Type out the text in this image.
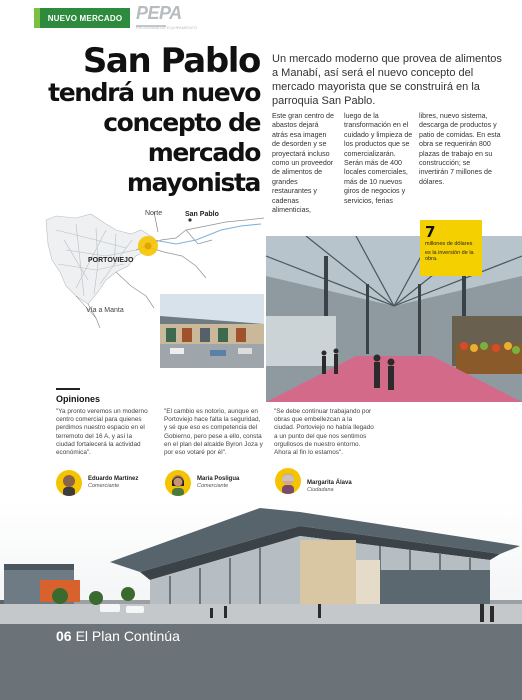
NUEVO MERCADO PEPA
PROGRAMA DE EQUIPAMIENTO
San Pablo
tendrá un nuevo
concepto de
mercado
mayonista
Un mercado moderno que provea de alimentos a Manabí, así será el nuevo concepto del mercado mayorista que se construirá en la parroquia San Pablo.
Este gran centro de abastos dejará atrás esa imagen de desorden y se proyectará incluso como un proveedor de alimentos de grandes restaurantes y cadenas alimenticias,
luego de la transformación en el cuidado y limpieza de los productos que se comercializarán. Serán más de 400 locales comerciales, más de 10 nuevos giros de negocios y servicios, ferias
libres, nuevo sistema, descarga de productos y patio de comidas. En esta obra se requerirán 800 plazas de trabajo en su construcción; se invertirán 7 millones de dólares.
Norte	San Pablo
PORTOVIEJO
Vía a Manta
7
millones de dólares
es la inversión de la obra.
Opiniones
"Ya pronto veremos un moderno centro comercial para quienes perdimos nuestro espacio en el terremoto del 16 A, y así la ciudad fortalecerá la actividad económica".
"El cambio es notorio, aunque en Portoviejo hace falta la seguridad, y sé que eso es competencia del Gobierno, pero pese a ello, consta en el plan del alcalde Byron Joza y por eso votaré por él".
"Se debe continuar trabajando por obras que embellezcan a la ciudad. Portoviejo no había llegado a un punto del que nos sentimos orgullosos de nuestro entorno. Ahora al fin lo estamos".
Eduardo Martínez
Comerciante
María Posligua
Comerciante	Margarita Álava
Ciudadana
06 El Plan Continúa
